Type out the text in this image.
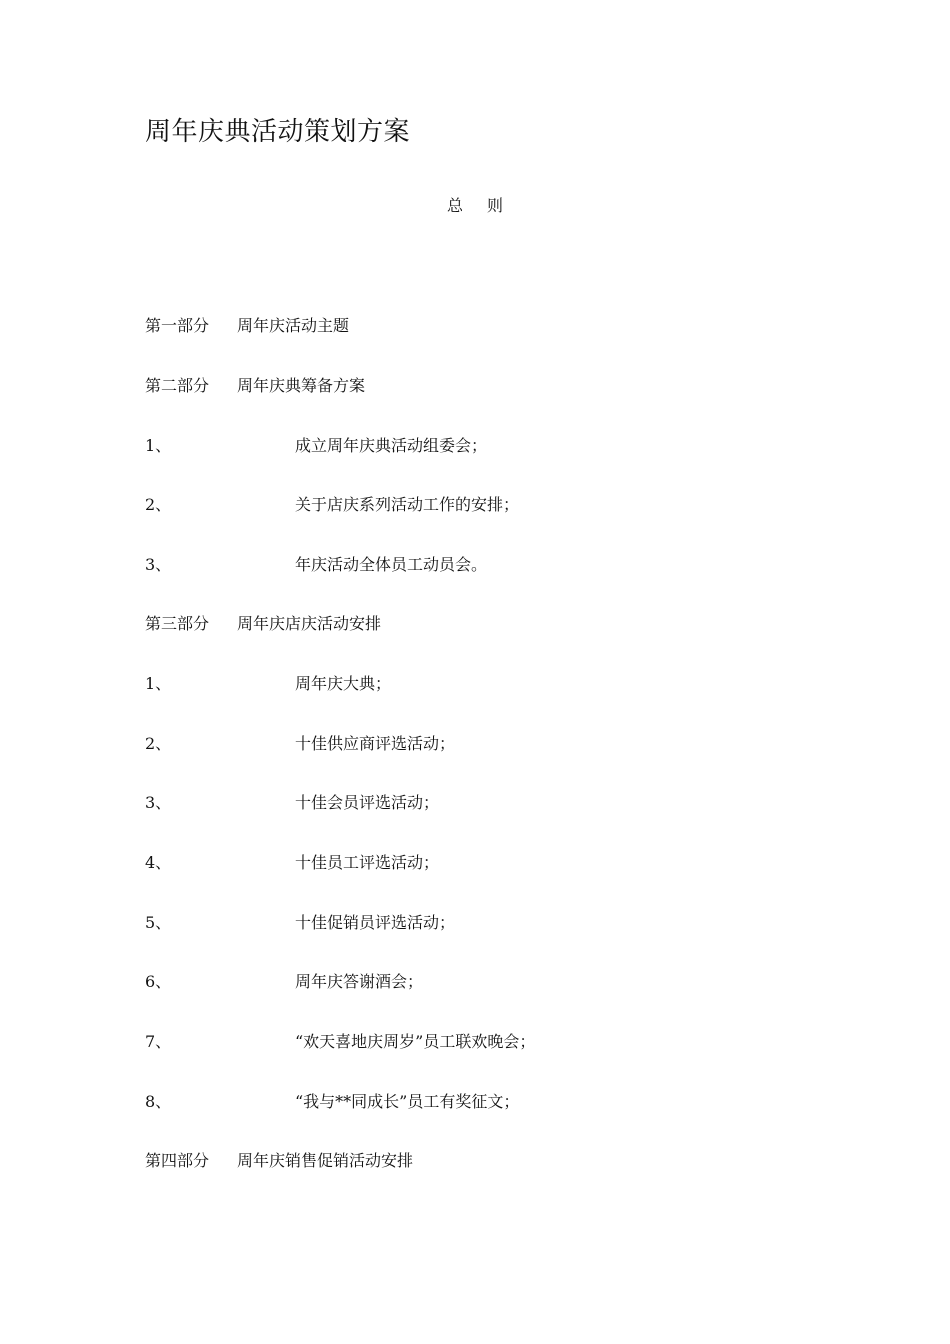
周年庆典活动策划方案
总 则
第一部分 周年庆活动主题
第二部分 周年庆典筹备方案
1、	成立周年庆典活动组委会；
2、	关于店庆系列活动工作的安排；
3、	年庆活动全体员工动员会。
第三部分 周年庆店庆活动安排
1、	周年庆大典；
2、	十佳供应商评选活动；
3、	十佳会员评选活动；
4、	十佳员工评选活动；
5、	十佳促销员评选活动；
6、	周年庆答谢酒会；
7、	“欢天喜地庆周岁”员工联欢晚会；
8、	“我与**同成长”员工有奖征文；
第四部分 周年庆销售促销活动安排
